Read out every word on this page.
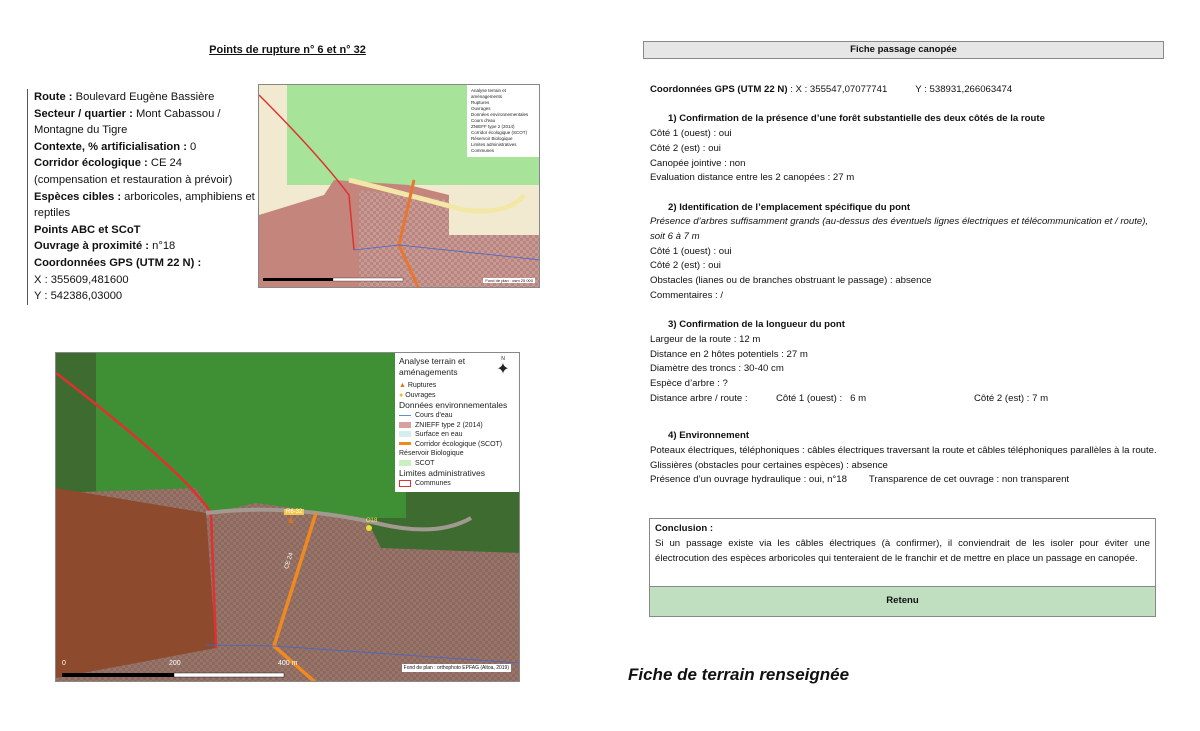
Points de rupture n° 6 et n° 32
Route : Boulevard Eugène Bassière
Secteur / quartier : Mont Cabassou / Montagne du Tigre
Contexte, % artificialisation : 0
Corridor écologique : CE 24 (compensation et restauration à prévoir)
Espèces cibles : arboricoles, amphibiens et reptiles
Points ABC et SCoT
Ouvrage à proximité : n°18
Coordonnées GPS (UTM 22 N) :
X : 355609,481600
Y : 542386,03000
Analyse terrain et aménagements
Ruptures
Ouvrages
Données environnementales
Cours d'eau
ZNIEFF type 2 (2014)
Corridor écologique (SCOT)
Réservoir Biologique
Limites administratives
Communes
Fond de plan : osm 25 000
R6-32
O18
CE 24
0	200	400 m
Fond de plan : orthophoto EPFAG (Altoa, 2019)
Analyse terrain et aménagements
N
✦
▲ Ruptures
● Ouvrages
Données environnementales
Cours d'eau
ZNIEFF type 2 (2014)
Surface en eau
Corridor écologique (SCOT)
Réservoir Biologique
SCOT
Limites administratives
Communes
Fiche passage canopée

Coordonnées GPS (UTM 22 N) : X : 355547,07077741	Y : 538931,266063474

1) Confirmation de la présence d’une forêt substantielle des deux côtés de la route

Côté 1 (ouest) : oui

Côté 2 (est) : oui

Canopée jointive : non

Evaluation distance entre les 2 canopées : 27 m

2) Identification de l’emplacement spécifique du pont

Présence d’arbres suffisamment grands (au-dessus des éventuels lignes électriques et télécommunication et / route), soit 6 à 7 m

Côté 1 (ouest) : oui

Côté 2 (est) : oui

Obstacles (lianes ou de branches obstruant le passage) : absence

Commentaires : /

3) Confirmation de la longueur du pont

Largeur de la route : 12 m

Distance en 2 hôtes potentiels : 27 m

Diamètre des troncs : 30-40 cm

Espèce d’arbre : ?

Distance arbre / route :	Côté 1 (ouest) :   6 m	Côté 2 (est) : 7 m

4) Environnement

Poteaux électriques, téléphoniques : câbles électriques traversant la route et câbles téléphoniques parallèles à la route.

Glissières (obstacles pour certaines espèces) : absence

Présence d’un ouvrage hydraulique : oui, n°18 Transparence de cet ouvrage : non transparent

Conclusion :
Si un passage existe via les câbles électriques (à confirmer), il conviendrait de les isoler pour éviter une électrocution des espèces arboricoles qui tenteraient de le franchir et de mettre en place un passage en canopée.
Retenu
Fiche de terrain renseignée
